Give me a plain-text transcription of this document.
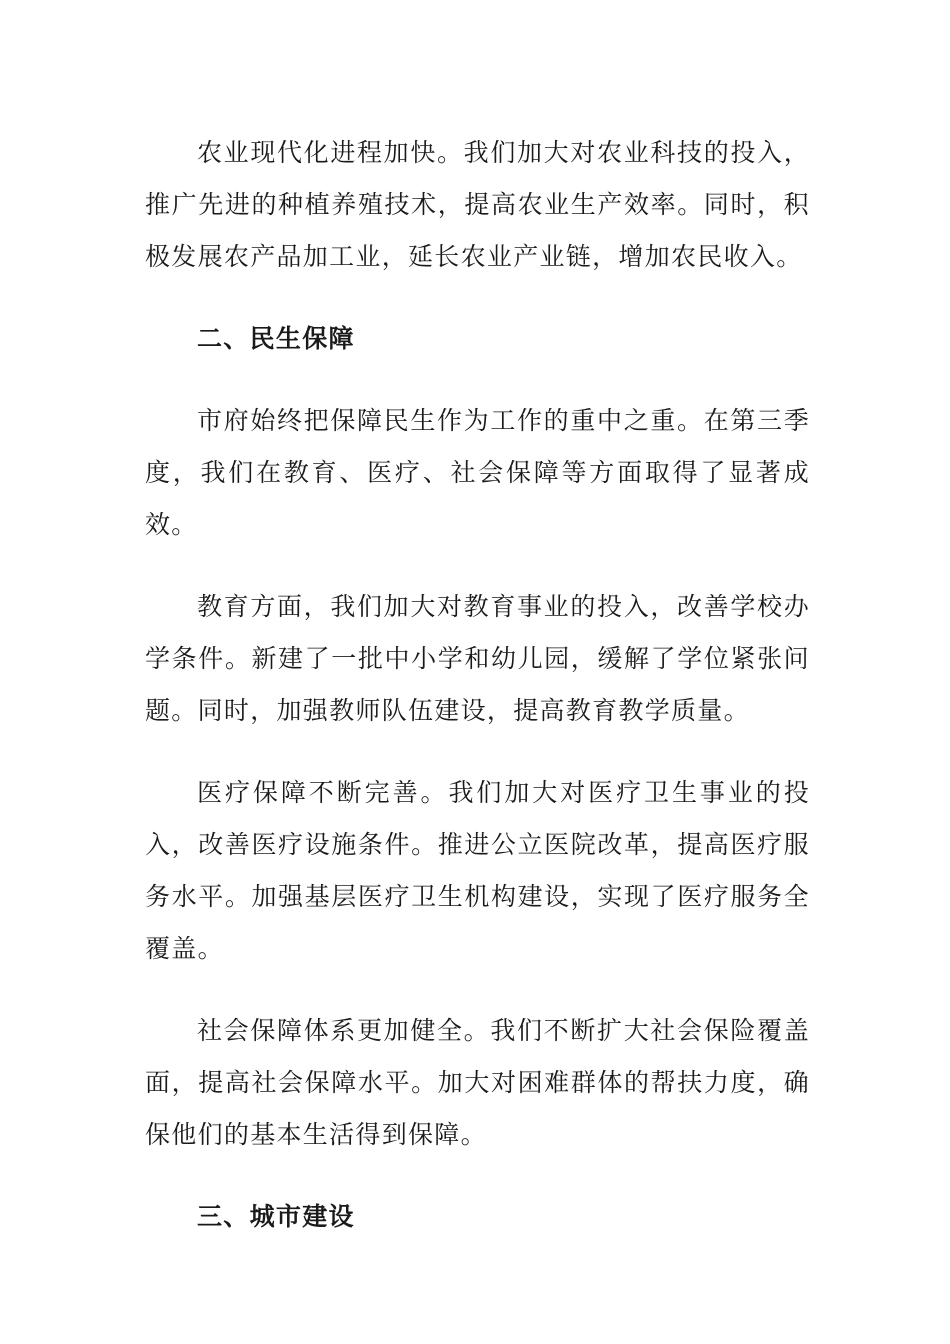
农业现代化进程加快。我们加大对农业科技的投入，推广先进的种植养殖技术，提高农业生产效率。同时，积极发展农产品加工业，延长农业产业链，增加农民收入。

二、民生保障

市府始终把保障民生作为工作的重中之重。在第三季度，我们在教育、医疗、社会保障等方面取得了显著成效。

教育方面，我们加大对教育事业的投入，改善学校办学条件。新建了一批中小学和幼儿园，缓解了学位紧张问题。同时，加强教师队伍建设，提高教育教学质量。

医疗保障不断完善。我们加大对医疗卫生事业的投入，改善医疗设施条件。推进公立医院改革，提高医疗服务水平。加强基层医疗卫生机构建设，实现了医疗服务全覆盖。

社会保障体系更加健全。我们不断扩大社会保险覆盖面，提高社会保障水平。加大对困难群体的帮扶力度，确保他们的基本生活得到保障。

三、城市建设
